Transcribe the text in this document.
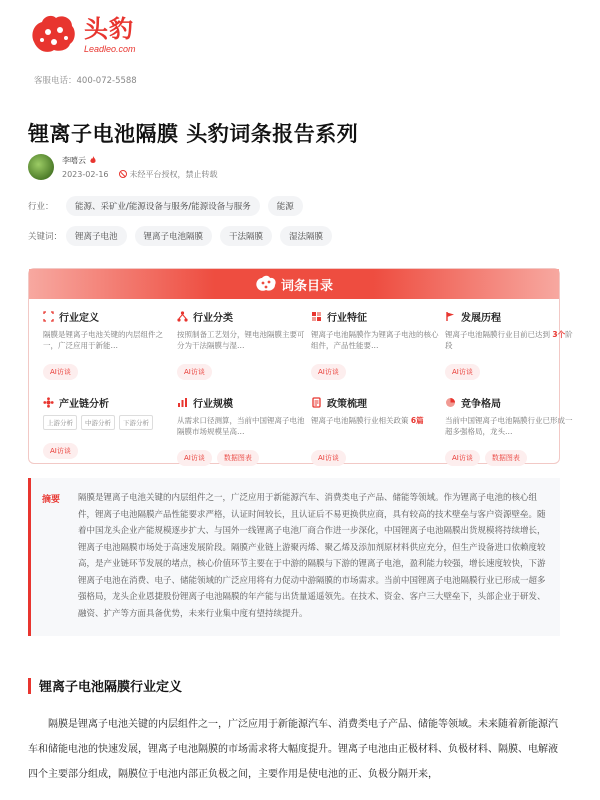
头豹
Leadleo.com
客服电话：400-072-5588
锂离子电池隔膜 头豹词条报告系列
李嘻云
2023-02-16	未经平台授权，禁止转载
行业：	能源、采矿业/能源设备与服务/能源设备与服务	能源
关键词：	锂离子电池	锂离子电池隔膜	干法隔膜	湿法隔膜
词条目录
行业定义
隔膜是锂离子电池关键的内层组件之一，广泛应用于新能…
AI访谈
行业分类
按照制备工艺划分，锂电池隔膜主要可分为干法隔膜与湿…
AI访谈
行业特征
锂离子电池隔膜作为锂离子电池的核心组件，产品性能要…
AI访谈
发展历程
锂离子电池隔膜行业目前已达到 3个阶段
AI访谈
产业链分析
上游分析	中游分析	下游分析
AI访谈
行业规模
从需求口径测算，当前中国锂离子电池隔膜市场规模呈高…
AI访谈	数据图表
政策梳理
锂离子电池隔膜行业相关政策 6篇
AI访谈
竞争格局
当前中国锂离子电池隔膜行业已形成一超多强格局，龙头…
AI访谈	数据图表
摘要 隔膜是锂离子电池关键的内层组件之一，广泛应用于新能源汽车、消费类电子产品、储能等领域。作为锂离子电池的核心组件，锂离子电池隔膜产品性能要求严格，认证时间较长，且认证后不易更换供应商，具有较高的技术壁垒与客户资源壁垒。随着中国龙头企业产能规模逐步扩大、与国外一线锂离子电池厂商合作进一步深化，中国锂离子电池隔膜出货规模将持续增长，锂离子电池隔膜市场处于高速发展阶段。隔膜产业链上游聚丙烯、聚乙烯及添加剂原材料供应充分，但生产设备进口依赖度较高，是产业链环节发展的堵点，核心价值环节主要在于中游的隔膜与下游的锂离子电池，盈利能力较强，增长速度较快，下游锂离子电池在消费、电子、储能领域的广泛应用将有力促动中游隔膜的市场需求。当前中国锂离子电池隔膜行业已形成一超多强格局，龙头企业恩捷股份锂离子电池隔膜的年产能与出货量遥遥领先。在技术、资金、客户三大壁垒下，头部企业于研发、融资、扩产等方面具备优势，未来行业集中度有望持续提升。
锂离子电池隔膜行业定义
隔膜是锂离子电池关键的内层组件之一，广泛应用于新能源汽车、消费类电子产品、储能等领域。未来随着新能源汽车和储能电池的快速发展，锂离子电池隔膜的市场需求将大幅度提升。锂离子电池由正极材料、负极材料、隔膜、电解液四个主要部分组成，隔膜位于电池内部正负极之间，主要作用是使电池的正、负极分隔开来，
